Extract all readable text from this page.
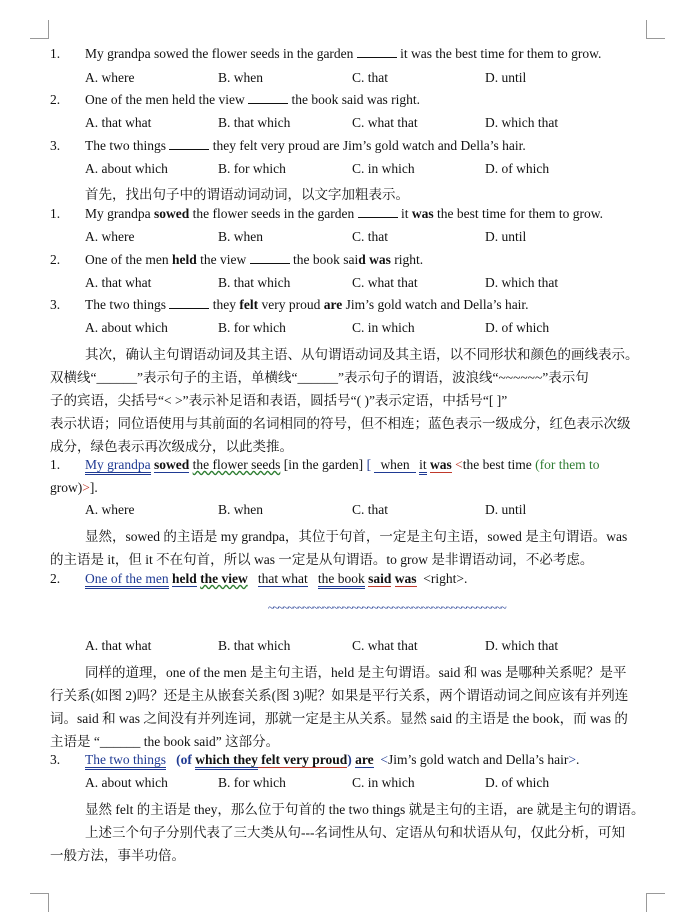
1. My grandpa sowed the flower seeds in the garden	it was the best time for them to grow.
A. where	B. when	C. that	D. until
2. One of the men held the view	the book said was right.
A. that what	B. that which	C. what that	D. which that
3. The two things	they felt very proud are Jim’s gold watch and Della’s hair.
A. about which	B. for which	C. in which	D. of which
首先，找出句子中的谓语动词动词，以文字加粗表示。
1. My grandpa sowed the flower seeds in the garden	it was the best time for them to grow.
A. where	B. when	C. that	D. until
2. One of the men held the view	the book said was right.
A. that what	B. that which	C. what that	D. which that
3. The two things	they felt very proud are Jim’s gold watch and Della’s hair.
A. about which	B. for which	C. in which	D. of which
其次，确认主句谓语动词及其主语、从句谓语动词及其主语，以不同形状和颜色的画线表示。
双横线“______”表示句子的主语，单横线“______”表示句子的谓语，波浪线“~~~~~~”表示句
子的宾语，尖括号“< >”表示补足语和表语，圆括号“( )”表示定语，中括号“[ ]”
表示状语；同位语使用与其前面的名词相同的符号，但不相连；蓝色表示一级成分，红色表示次级
成分，绿色表示再次级成分，以此类推。
1. My grandpa sowed the flower seeds [in the garden] [ when it was <the best time (for them to
grow)>].
A. where	B. when	C. that	D. until
显然，sowed 的主语是 my grandpa，其位于句首，一定是主句主语，sowed 是主句谓语。was
的主语是 it，但 it 不在句首，所以 was 一定是从句谓语。to grow 是非谓语动词，不必考虑。
2. One of the men held the view that what the book said was <right>.
~~~~~~~~~~~~~~~~~~~~~~~~~~~~~~~~~~~~~~~~~~~~~~~~
A. that what	B. that which	C. what that	D. which that
同样的道理，one of the men 是主句主语，held 是主句谓语。said 和 was 是哪种关系呢？是平
行关系(如图 2)吗？还是主从嵌套关系(图 3)呢？如果是平行关系，两个谓语动词之间应该有并列连
词。said 和 was 之间没有并列连词，那就一定是主从关系。显然 said 的主语是 the book，而 was 的
主语是 “______ the book said” 这部分。
3. The two things (of which they felt very proud) are <Jim’s gold watch and Della’s hair>.
A. about which	B. for which	C. in which	D. of which
显然 felt 的主语是 they，那么位于句首的 the two things 就是主句的主语，are 就是主句的谓语。
上述三个句子分别代表了三大类从句---名词性从句、定语从句和状语从句，仅此分析，可知
一般方法，事半功倍。
